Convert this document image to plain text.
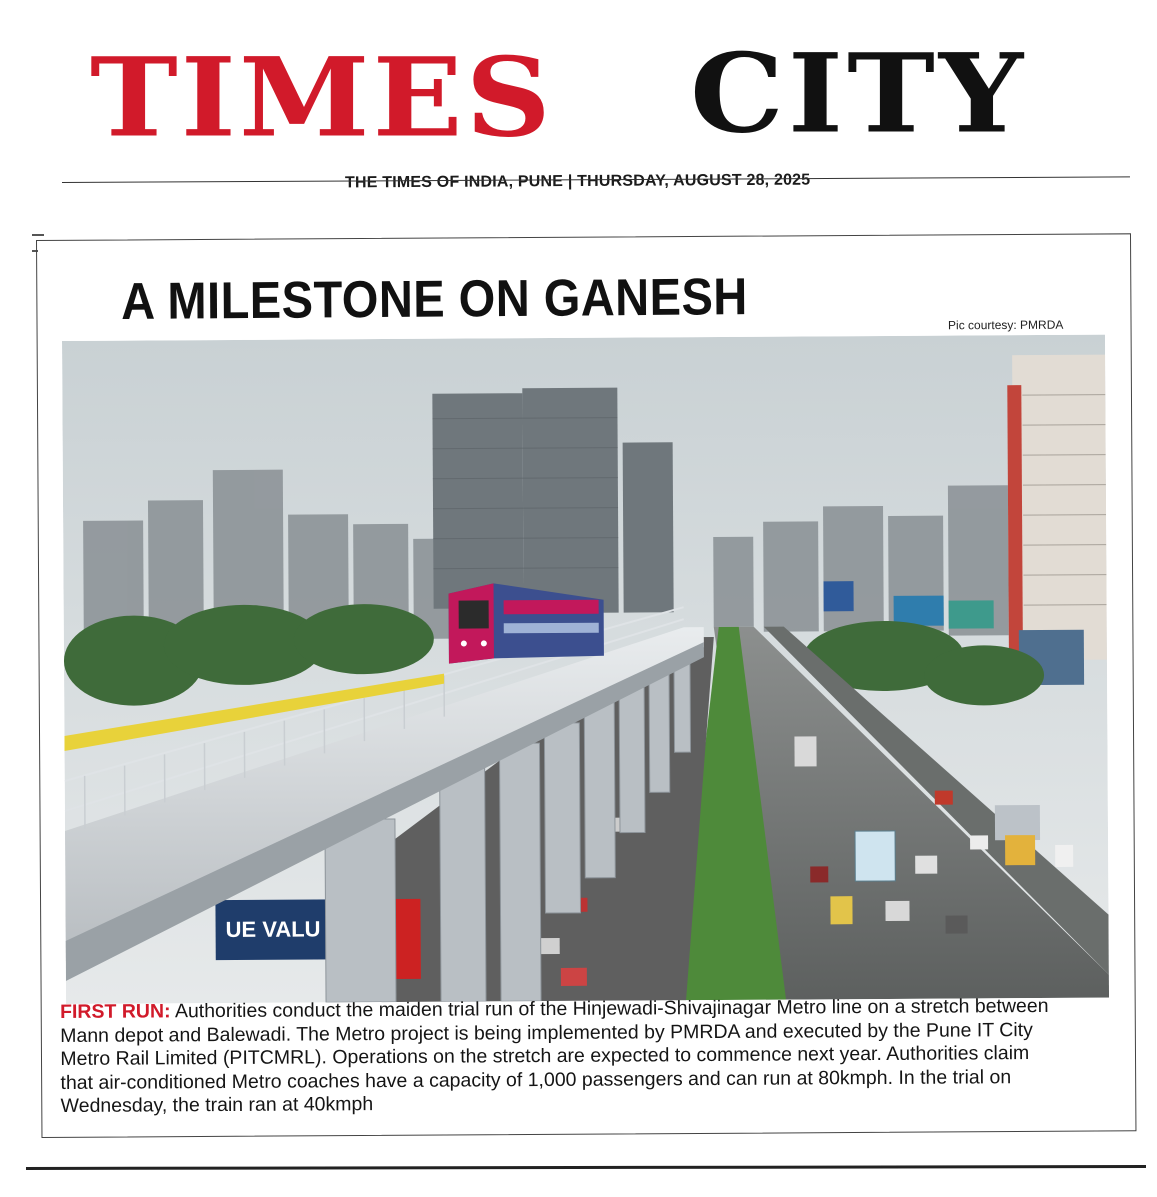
TIMES CITY
THE TIMES OF INDIA, PUNE | THURSDAY, AUGUST 28, 2025
A MILESTONE ON GANESH	Pic courtesy: PMRDA
UE VALU
FIRST RUN: Authorities conduct the maiden trial run of the Hinjewadi-Shivajinagar Metro line on a stretch between Mann depot and Balewadi. The Metro project is being implemented by PMRDA and executed by the Pune IT City Metro Rail Limited (PITCMRL). Operations on the stretch are expected to commence next year. Authorities claim that air-conditioned Metro coaches have a capacity of 1,000 passengers and can run at 80kmph. In the trial on Wednesday, the train ran at 40kmph
